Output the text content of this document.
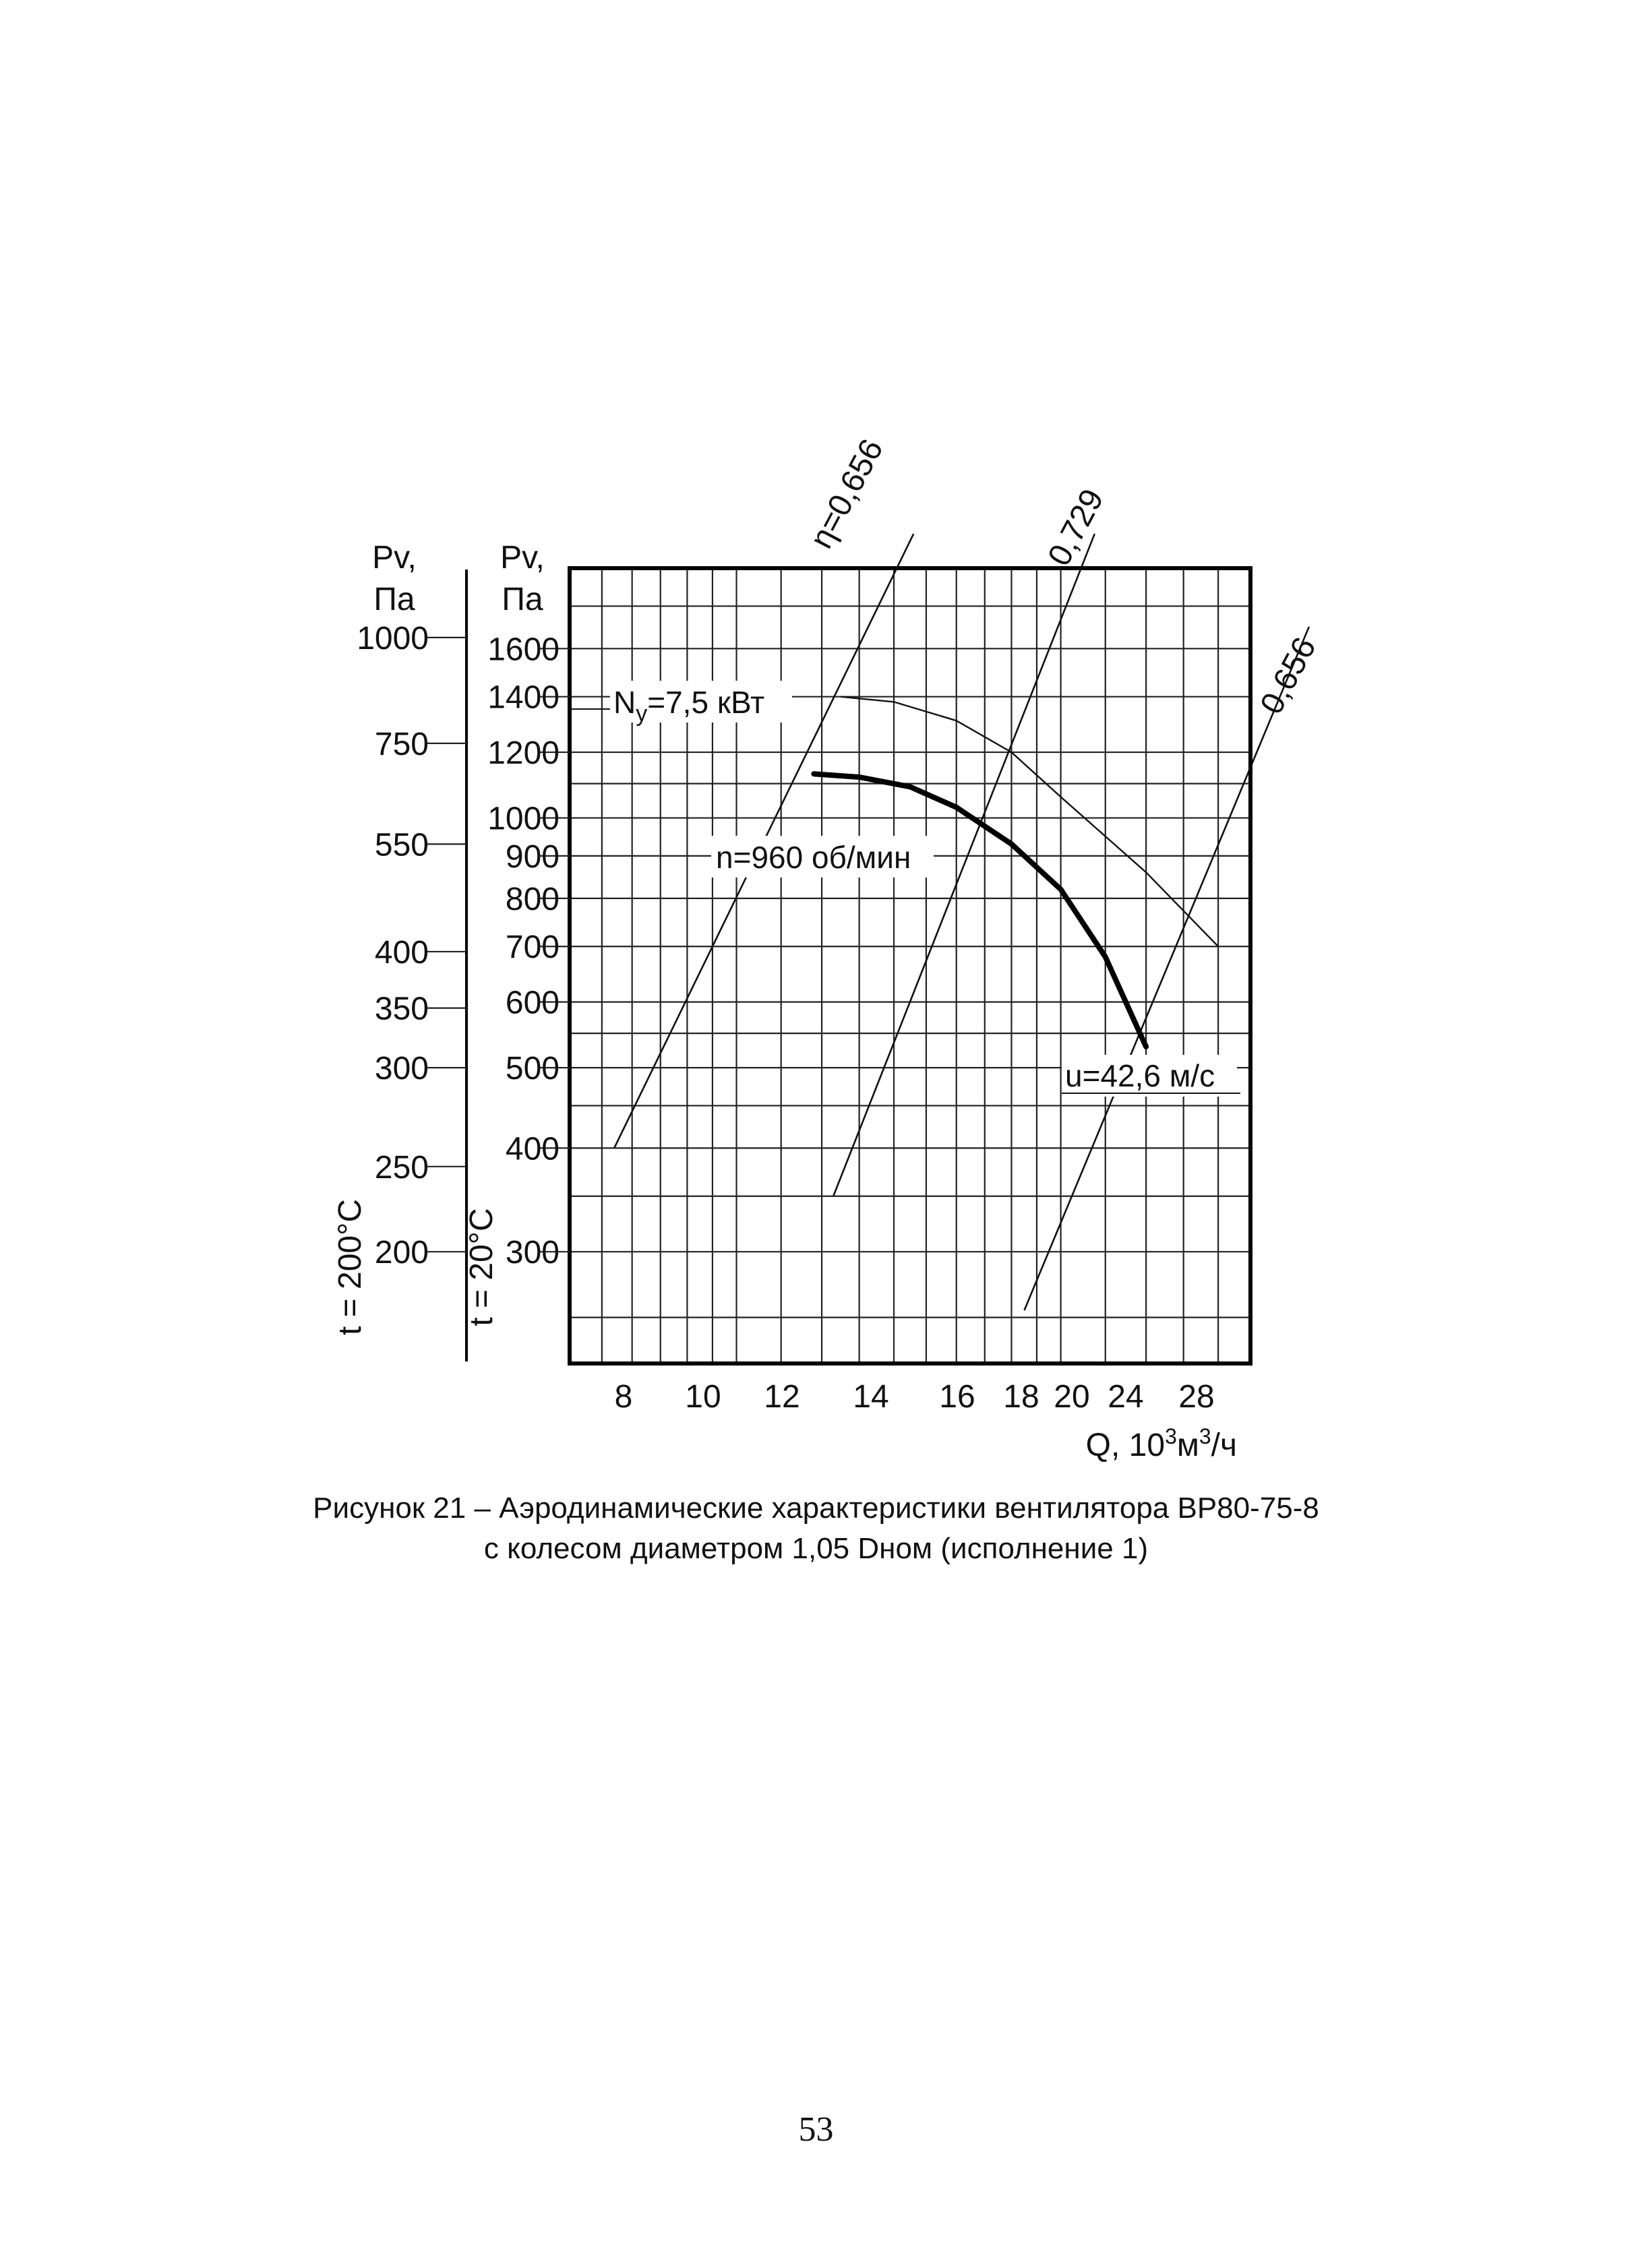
η=0,656	0,729
0,656
$N_у=7,5$ кВт
n=960 об/мин
u=42,6 м/с
8 10 12 14 16 18 20 24 28
Q, $10^3м^3/ч$
300
400
500
600
700
800
900
1000
1200
1400
1600
200
250
300
350
400
550
750
1000
Pv,
Па
Pv,
Па
t = 200°C	t = 20°C
Рисунок 21 – Аэродинамические характеристики вентилятора ВР80-75-8
с колесом диаметром 1,05 Dном (исполнение 1)
53
